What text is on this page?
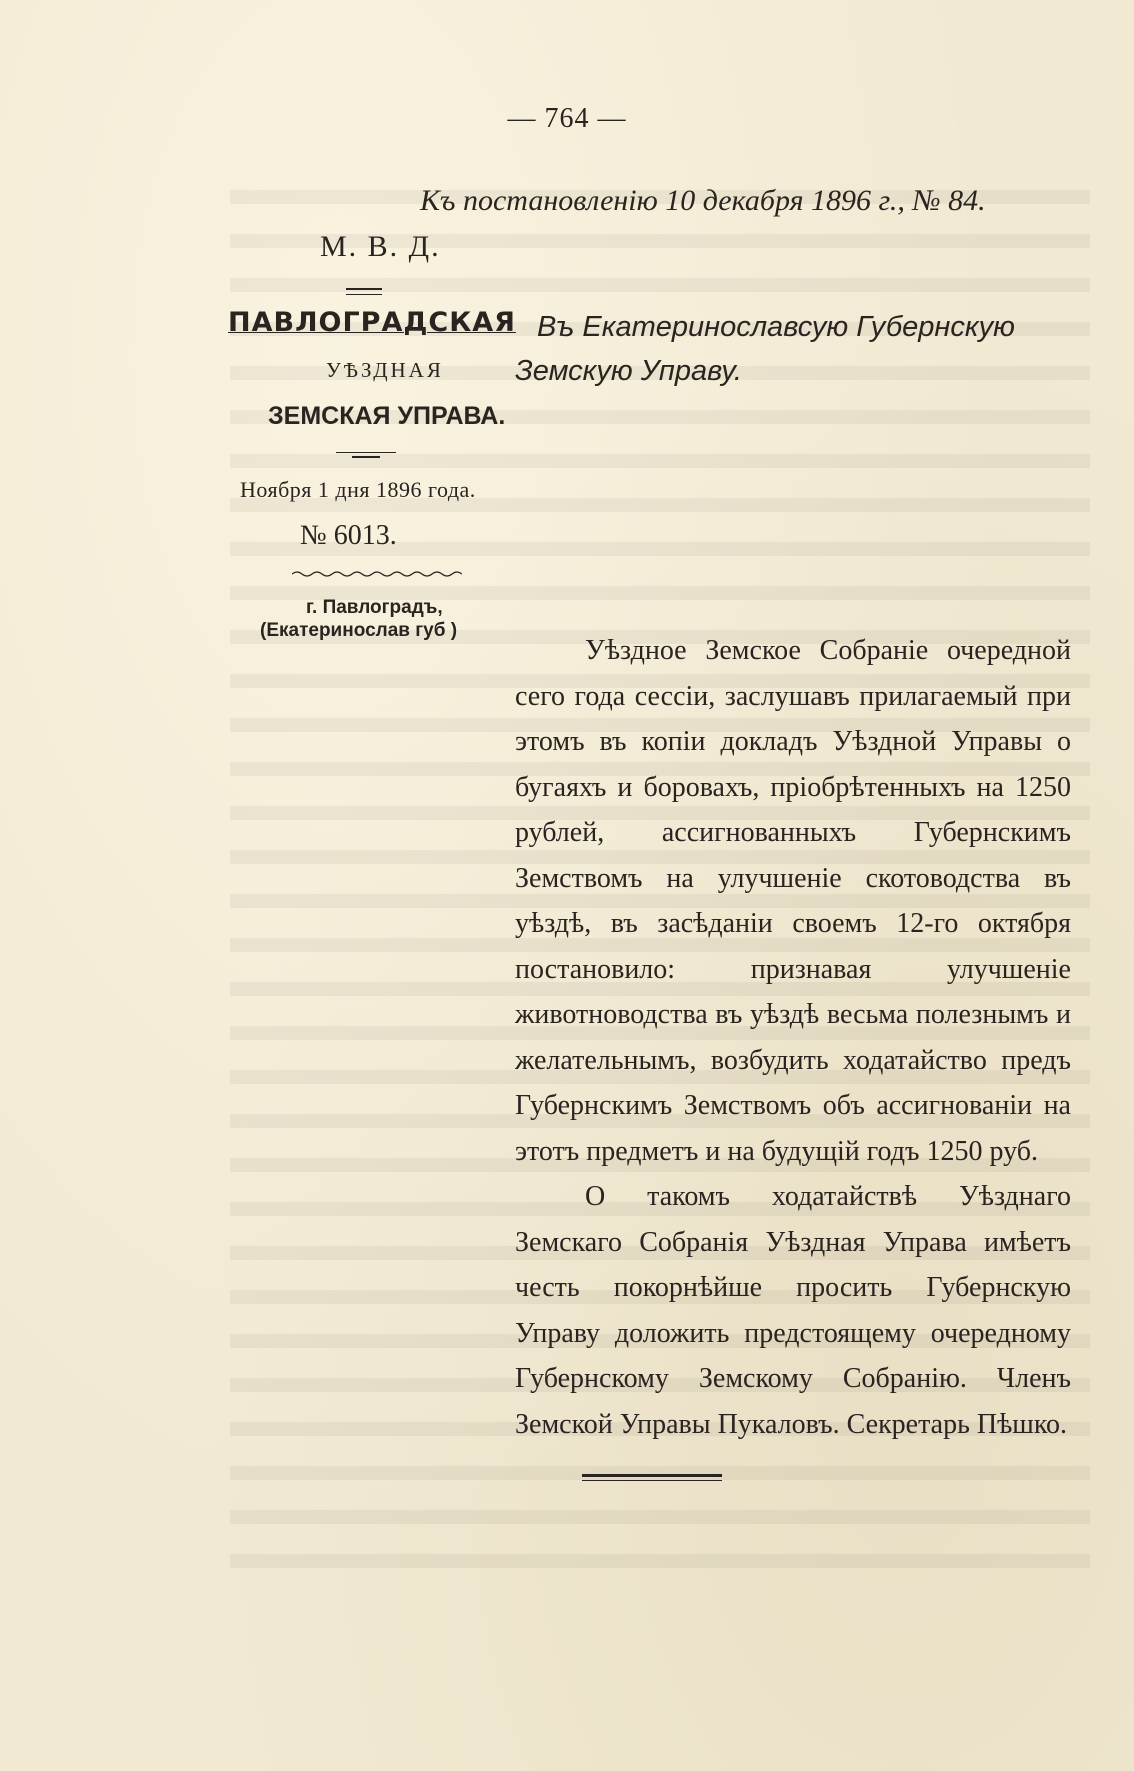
— 764 —
Къ постановленію 10 декабря 1896 г., № 84.
М. В. Д.
ПАВЛОГРАДСКАЯ
УѢЗДНАЯ
ЗЕМСКАЯ УПРАВА.
Ноября 1 дня 1896 года.
№ 6013.
г. Павлоградъ,
(Екатеринослав губ )
Въ Екатеринославсую Губернскую
Земскую Управу.

Уѣздное Земское Собраніе очередной сего года сессіи, заслушавъ прилагаемый при этомъ въ копіи докладъ Уѣздной Управы о бугаяхъ и боровахъ, пріобрѣтенныхъ на 1250 рублей, ассигнованныхъ Губернскимъ Земствомъ на улучшеніе скотоводства въ уѣздѣ, въ засѣданіи своемъ 12-го октября постановило: признавая улучшеніе животноводства въ уѣздѣ весьма полезнымъ и желательнымъ, возбудить ходатайство предъ Губернскимъ Земствомъ объ ассигнованіи на этотъ предметъ и на будущій годъ 1250 руб.

О такомъ ходатайствѣ Уѣзднаго Земскаго Собранія Уѣздная Управа имѣетъ честь покорнѣйше просить Губернскую Управу доложить предстоящему очередному Губернскому Земскому Собранію. Членъ Земской Управы Пукаловъ. Секретарь Пѣшко.
